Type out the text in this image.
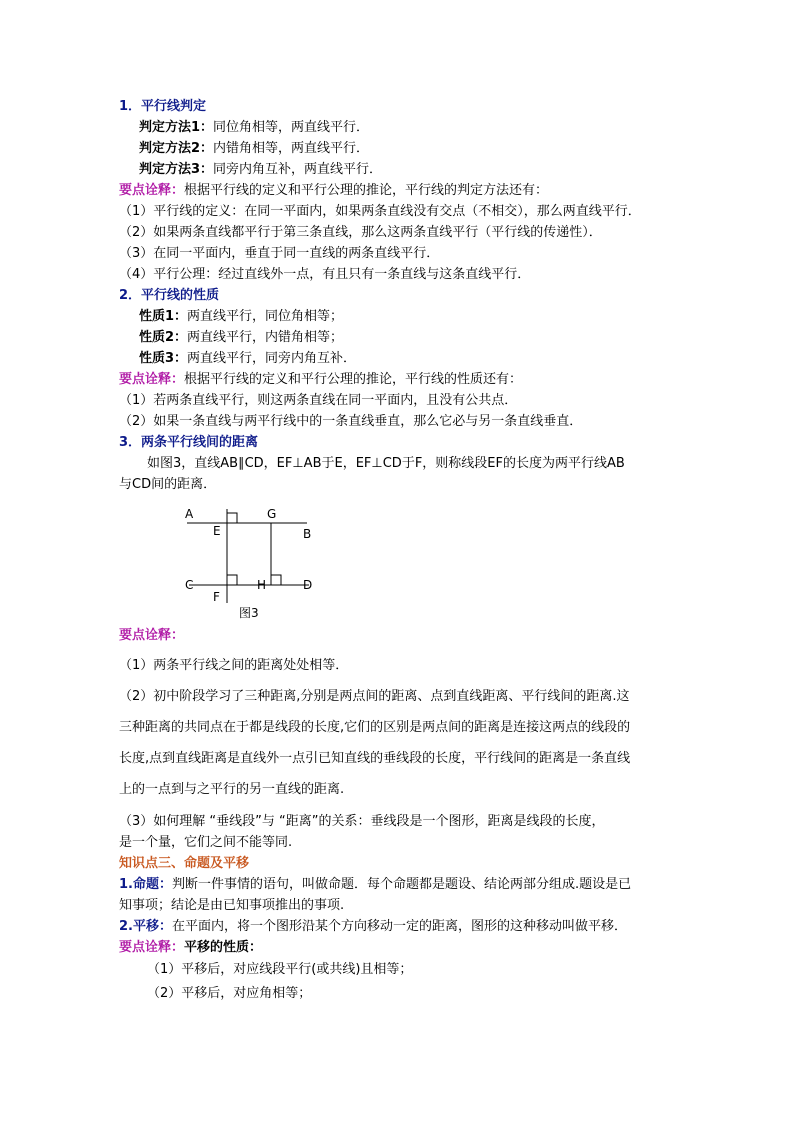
1．平行线判定
判定方法1：同位角相等，两直线平行．
判定方法2：内错角相等，两直线平行．
判定方法3：同旁内角互补，两直线平行．
要点诠释：根据平行线的定义和平行公理的推论，平行线的判定方法还有：
（1）平行线的定义：在同一平面内，如果两条直线没有交点（不相交），那么两直线平行．
（2）如果两条直线都平行于第三条直线，那么这两条直线平行（平行线的传递性）．
（3）在同一平面内，垂直于同一直线的两条直线平行．
（4）平行公理：经过直线外一点，有且只有一条直线与这条直线平行．
2．平行线的性质
性质1：两直线平行，同位角相等；
性质2：两直线平行，内错角相等；
性质3：两直线平行，同旁内角互补．
要点诠释：根据平行线的定义和平行公理的推论，平行线的性质还有：
（1）若两条直线平行，则这两条直线在同一平面内，且没有公共点．
（2）如果一条直线与两平行线中的一条直线垂直，那么它必与另一条直线垂直．
3．两条平行线间的距离
如图3，直线AB∥CD，EF⊥AB于E，EF⊥CD于F，则称线段EF的长度为两平行线AB
与CD间的距离．
A
E
G
B
C	H	D
F
图3
要点诠释：
（1）两条平行线之间的距离处处相等．
（2）初中阶段学习了三种距离,分别是两点间的距离、点到直线距离、平行线间的距离.这
三种距离的共同点在于都是线段的长度,它们的区别是两点间的距离是连接这两点的线段的
长度,点到直线距离是直线外一点引已知直线的垂线段的长度，平行线间的距离是一条直线
上的一点到与之平行的另一直线的距离.
（3）如何理解 “垂线段”与 “距离”的关系：垂线段是一个图形，距离是线段的长度，
是一个量，它们之间不能等同.
知识点三、命题及平移
1.命题：判断一件事情的语句，叫做命题．每个命题都是题设、结论两部分组成.题设是已
知事项；结论是由已知事项推出的事项.
2.平移：在平面内，将一个图形沿某个方向移动一定的距离，图形的这种移动叫做平移．
要点诠释：平移的性质：
（1）平移后，对应线段平行(或共线)且相等；
（2）平移后，对应角相等；
